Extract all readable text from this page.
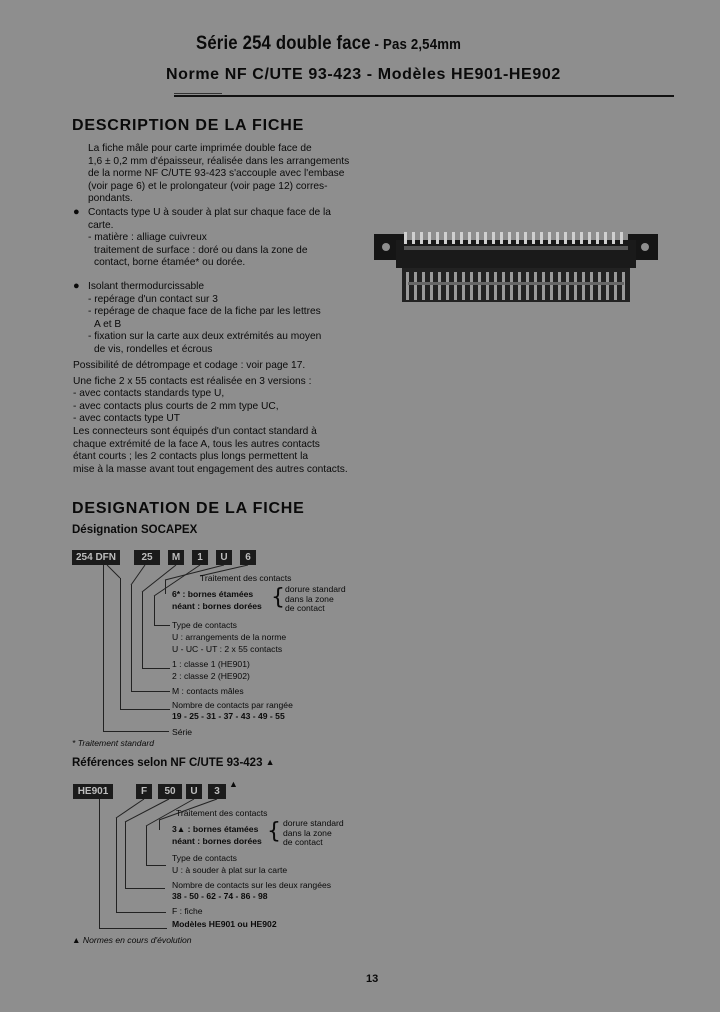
Série 254 double face - Pas 2,54mm
Norme NF C/UTE 93-423 - Modèles HE901-HE902
DESCRIPTION DE LA FICHE
La fiche mâle pour carte imprimée double face de
1,6 ± 0,2 mm d'épaisseur, réalisée dans les arrangements
de la norme NF C/UTE 93-423 s'accouple avec l'embase
(voir page 6) et le prolongateur (voir page 12) corres-
pondants.
● Contacts type U à souder à plat sur chaque face de la
carte.
- matière : alliage cuivreux
traitement de surface : doré ou dans la zone de
contact, borne étamée* ou dorée.
● Isolant thermodurcissable
- repérage d'un contact sur 3
- repérage de chaque face de la fiche par les lettres
A et B
- fixation sur la carte aux deux extrémités au moyen
de vis, rondelles et écrous
Possibilité de détrompage et codage : voir page 17.
Une fiche 2 x 55 contacts est réalisée en 3 versions :
- avec contacts standards type U,
- avec contacts plus courts de 2 mm type UC,
- avec contacts type UT
Les connecteurs sont équipés d'un contact standard à
chaque extrémité de la face A, tous les autres contacts
étant courts ; les 2 contacts plus longs permettent la
mise à la masse avant tout engagement des autres contacts.
DESIGNATION DE LA FICHE
Désignation SOCAPEX
254 DFN	25	M	1	U	6
Traitement des contacts
6* : bornes étamées
néant : bornes dorées { dorure standard
dans la zone
de contact
Type de contacts
U : arrangements de la norme
U - UC - UT : 2 x 55 contacts
1 : classe 1 (HE901)
2 : classe 2 (HE902)
M : contacts mâles
Nombre de contacts par rangée
19 - 25 - 31 - 37 - 43 - 49 - 55
Série
* Traitement standard
Références selon NF C/UTE 93-423 ▲
HE901	F	50	U	3
▲
Traitement des contacts
3▲ : bornes étamées
néant : bornes dorées { dorure standard
dans la zone
de contact
Type de contacts
U : à souder à plat sur la carte
Nombre de contacts sur les deux rangées
38 - 50 - 62 - 74 - 86 - 98
F : fiche
Modèles HE901 ou HE902
▲ Normes en cours d'évolution
13
